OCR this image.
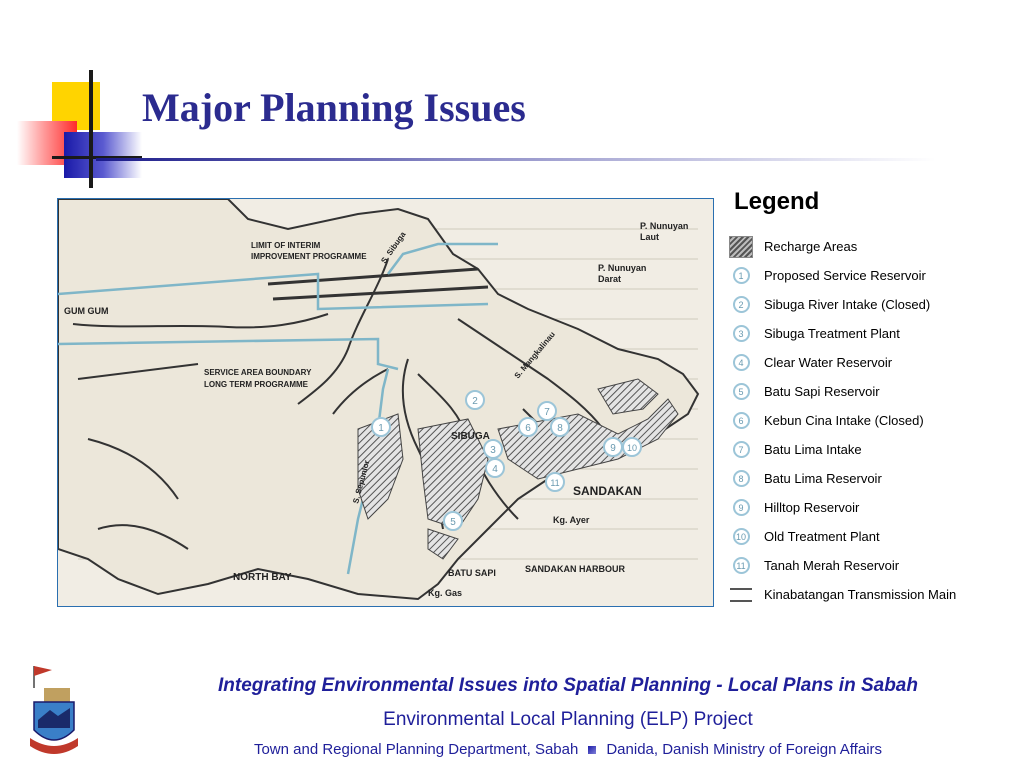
Major Planning Issues
1
2
3
4
5
6
7
8
9 10
11
P. Nunuyan
Laut
P. Nunuyan
Darat
LIMIT OF INTERIM
IMPROVEMENT PROGRAMME S. Sibuga
GUM GUM
S. Mangkalinau
SERVICE AREA BOUNDARY
LONG TERM PROGRAMME
SIBUGA
S. Sepunlor	SANDAKAN
Kg. Ayer
NORTH BAY	BATU SAPI	SANDAKAN HARBOUR
Kg. Gas
Legend
Recharge Areas
1	Proposed Service Reservoir
2	Sibuga River Intake (Closed)
3	Sibuga Treatment Plant
4	Clear Water Reservoir
5	Batu Sapi Reservoir
6	Kebun Cina Intake (Closed)
7	Batu Lima Intake
8	Batu Lima Reservoir
9	Hilltop Reservoir
10 Old Treatment Plant
11 Tanah Merah Reservoir
Kinabatangan Transmission Main
Integrating Environmental Issues into Spatial Planning - Local Plans in Sabah
Environmental Local Planning (ELP) Project
Town and Regional Planning Department, Sabah Danida, Danish Ministry of Foreign Affairs
